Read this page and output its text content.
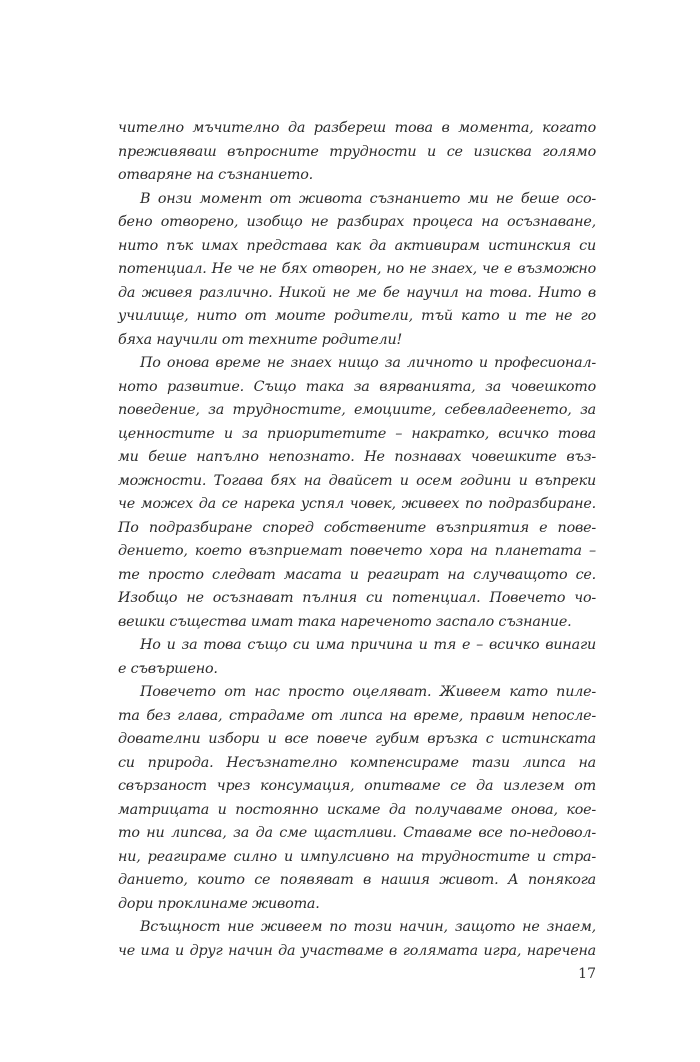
чително мъчително да разбереш това в момента, когато
преживяваш въпросните трудности и се изисква голямо
отваряне на съзнанието.
В онзи момент от живота съзнанието ми не беше осо-
бено отворено, изобщо не разбирах процеса на осъзнаване,
нито пък имах представа как да активирам истинския си
потенциал. Не че не бях отворен, но не знаех, че е възможно
да живея различно. Никой не ме бе научил на това. Нито в
училище, нито от моите родители, тъй като и те не го
бяха научили от техните родители!
По онова време не знаех нищо за личното и професионал-
ното развитие. Също така за вярванията, за човешкото
поведение, за трудностите, емоциите, себевладеенето, за
ценностите и за приоритетите – накратко, всичко това
ми беше напълно непознато. Не познавах човешките въз-
можности. Тогава бях на двайсет и осем години и въпреки
че можех да се нарека успял човек, живеех по подразбиране.
По подразбиране според собствените възприятия е пове-
дението, което възприемат повечето хора на планетата –
те просто следват масата и реагират на случващото се.
Изобщо не осъзнават пълния си потенциал. Повечето чо-
вешки същества имат така нареченото заспало съзнание.
Но и за това също си има причина и тя е – всичко винаги
е съвършено.
Повечето от нас просто оцеляват. Живеем като пиле-
та без глава, страдаме от липса на време, правим непосле-
дователни избори и все повече губим връзка с истинската
си природа. Несъзнателно компенсираме тази липса на
свързаност чрез консумация, опитваме се да излезем от
матрицата и постоянно искаме да получаваме онова, кое-
то ни липсва, за да сме щастливи. Ставаме все по-недовол-
ни, реагираме силно и импулсивно на трудностите и стра-
данието, които се появяват в нашия живот. А понякога
дори проклинаме живота.
Всъщност ние живеем по този начин, защото не знаем,
че има и друг начин да участваме в голямата игра, наречена
17
